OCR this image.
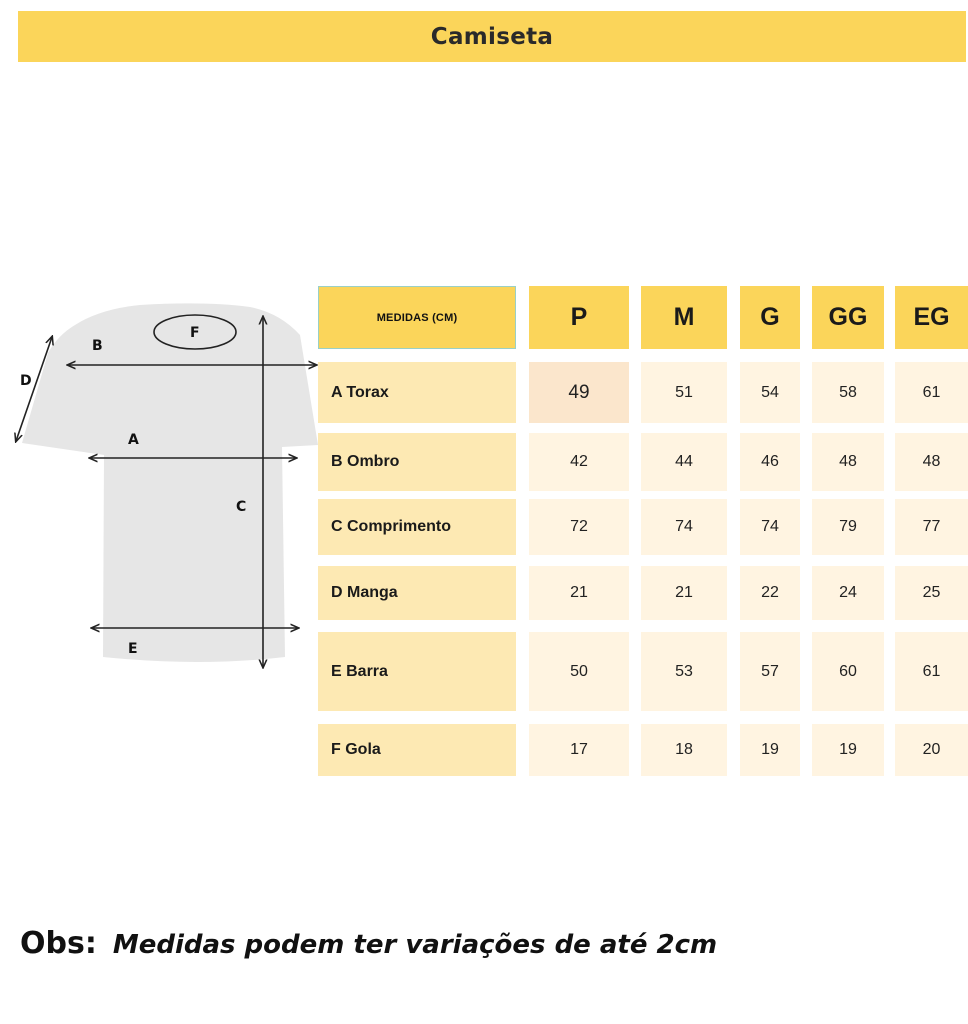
Camiseta
F
B
D
A
C
E
MEDIDAS (CM)	P	M	G	GG	EG
A Torax	49	51	54	58	61
B Ombro	42	44	46	48	48
C Comprimento	72	74	74	79	77
D Manga	21	21	22	24	25
E Barra	50	53	57	60	61
F Gola	17	18	19	19	20
Obs: Medidas podem ter variações de até 2cm
